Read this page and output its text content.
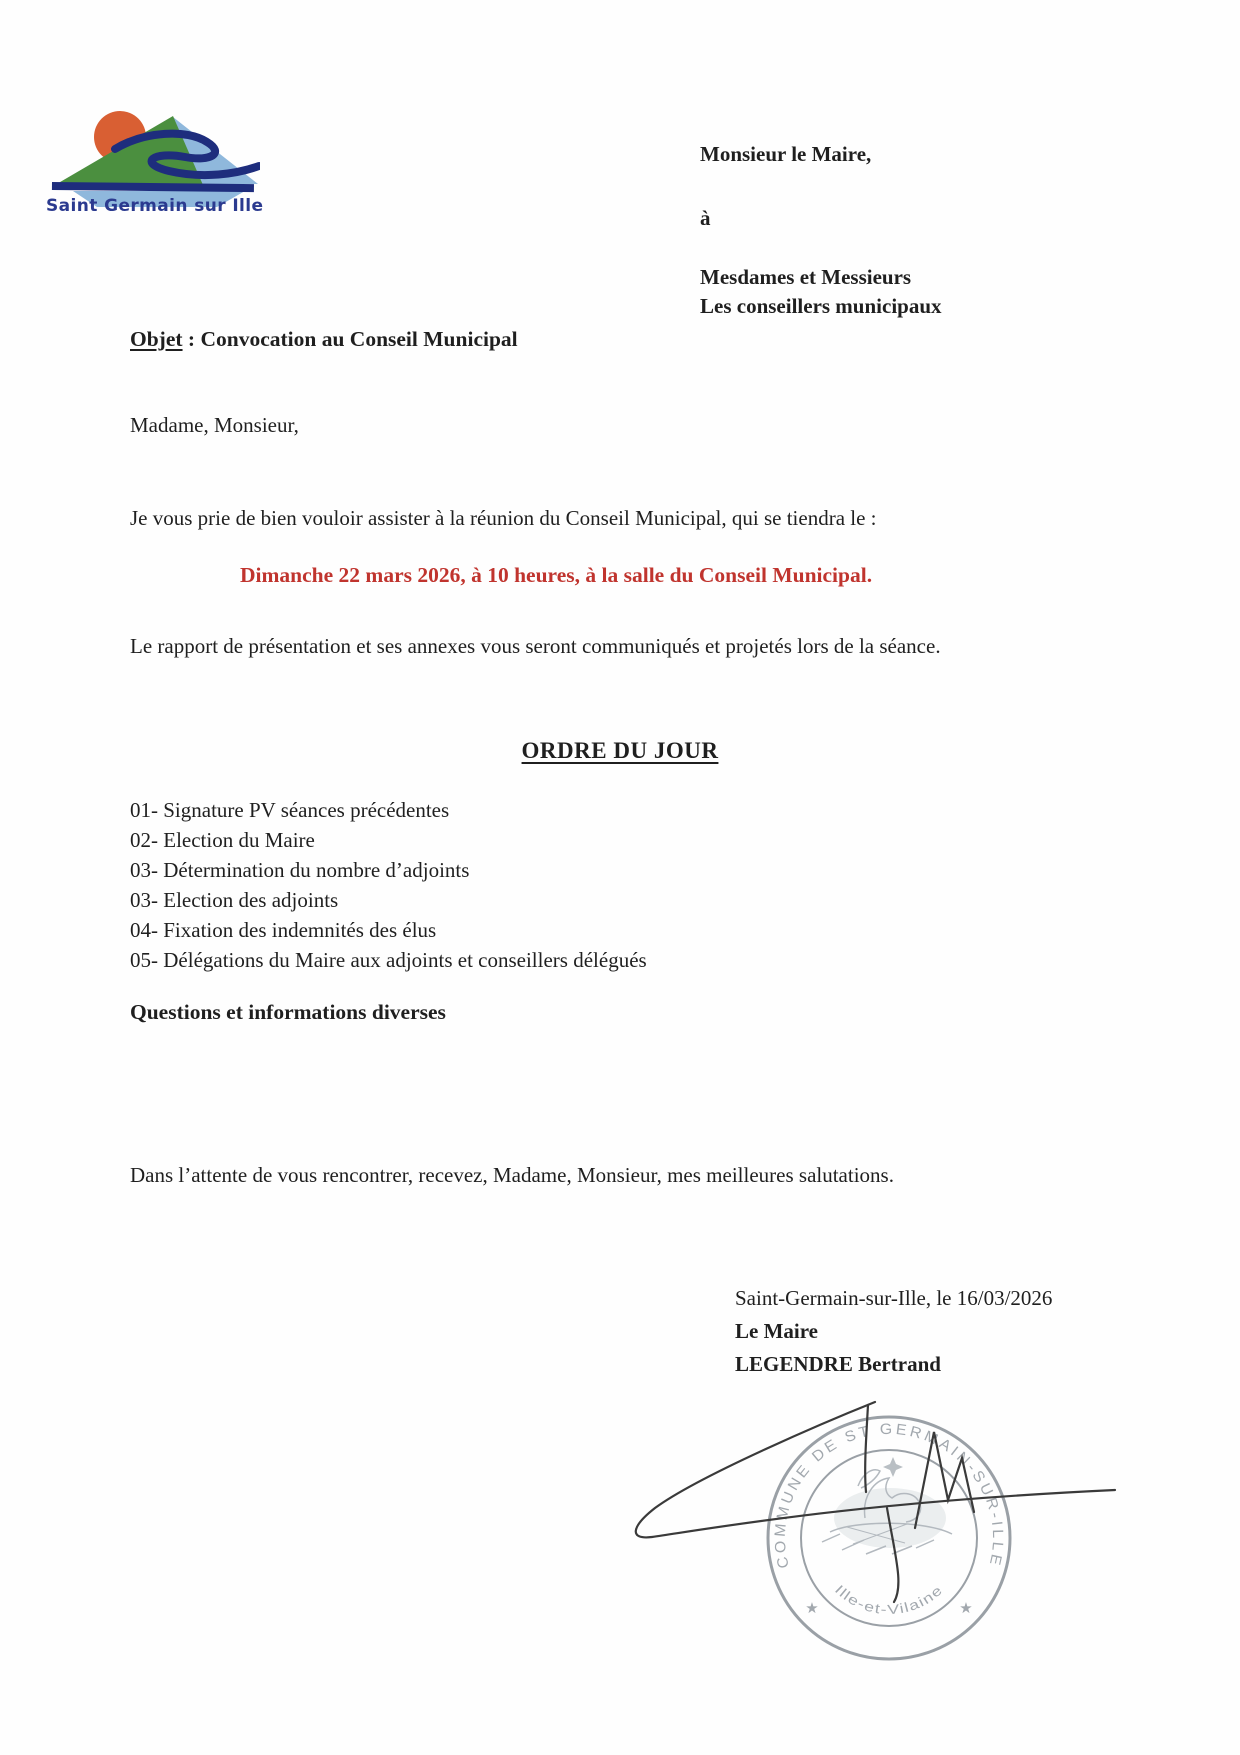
Saint Germain sur Ille
Monsieur le Maire,
à
Mesdames et Messieurs
Les conseillers municipaux
Objet : Convocation au Conseil Municipal
Madame, Monsieur,
Je vous prie de bien vouloir assister à la réunion du Conseil Municipal, qui se tiendra le :
Dimanche 22 mars 2026, à 10 heures, à la salle du Conseil Municipal.
Le rapport de présentation et ses annexes vous seront communiqués et projetés lors de la séance.
ORDRE DU JOUR
01- Signature PV séances précédentes
02- Election du Maire
03- Détermination du nombre d’adjoints
03- Election des adjoints
04- Fixation des indemnités des élus
05- Délégations du Maire aux adjoints et conseillers délégués
Questions et informations diverses
Dans l’attente de vous rencontrer, recevez, Madame, Monsieur, mes meilleures salutations.
Saint-Germain-sur-Ille, le 16/03/2026
Le Maire
LEGENDRE Bertrand
COMMUNE DE ST GERMAIN-SUR-ILLE
Ille-et-Vilaine
★	★
